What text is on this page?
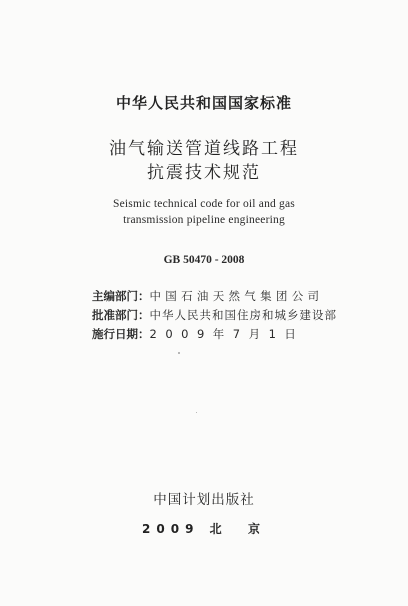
中华人民共和国国家标准
油气输送管道线路工程
抗震技术规范
Seismic technical code for oil and gas
transmission pipeline engineering
GB 50470 - 2008
主编部门：中国石油天然气集团公司
批准部门：中华人民共和国住房和城乡建设部
施行日期：2009年7月1日
中国计划出版社
2009 北  京
